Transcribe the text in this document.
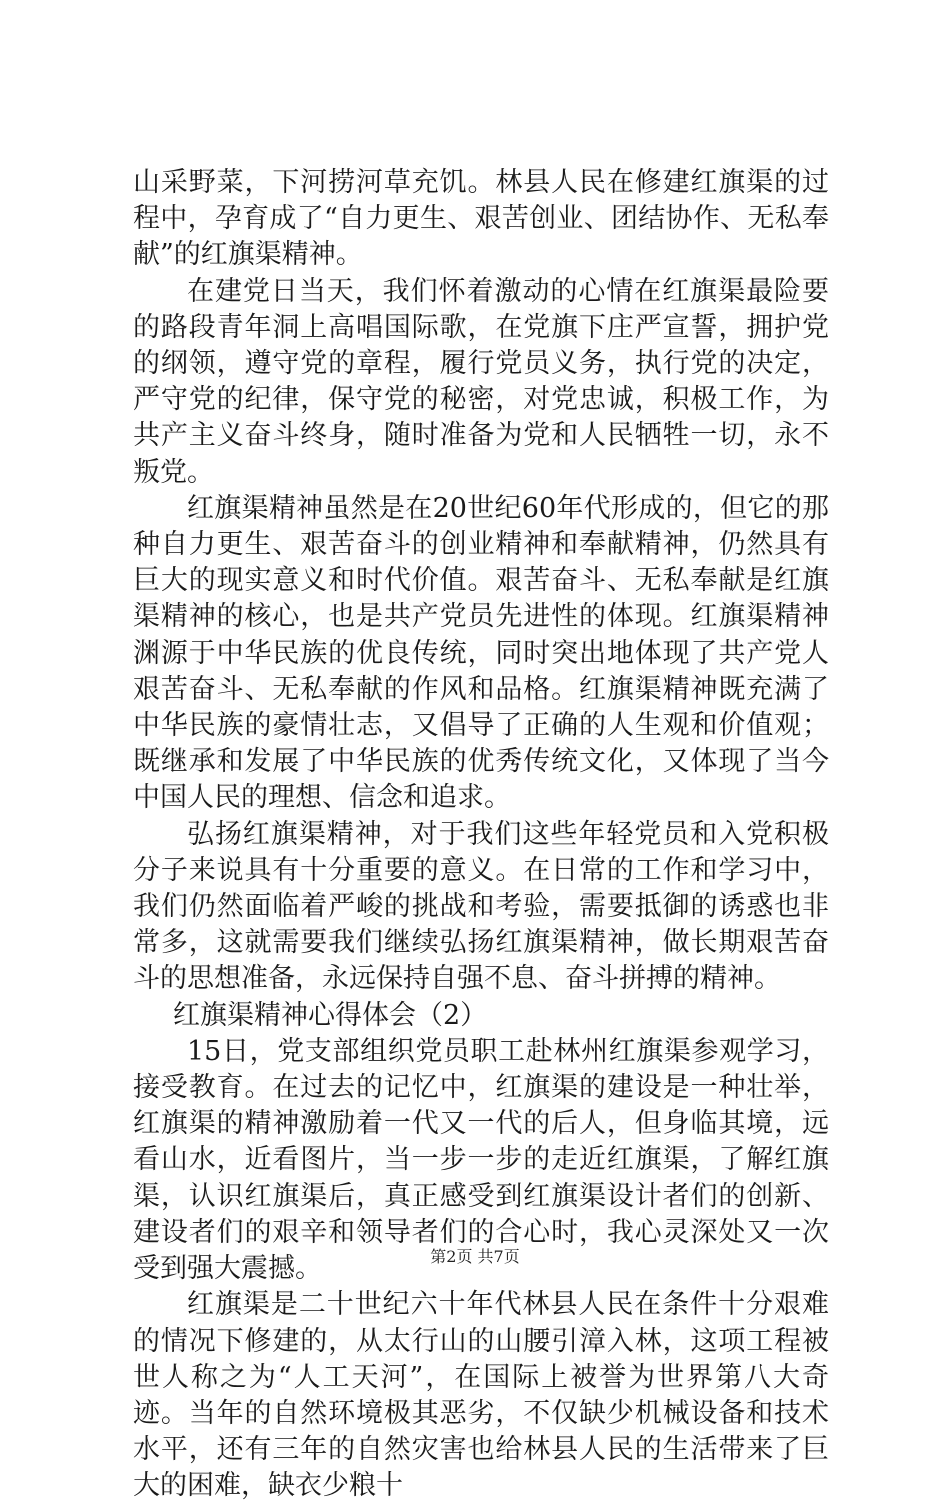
山采野菜，下河捞河草充饥。林县人民在修建红旗渠的过程中，孕育成了“自力更生、艰苦创业、团结协作、无私奉献”的红旗渠精神。

在建党日当天，我们怀着激动的心情在红旗渠最险要的路段青年洞上高唱国际歌，在党旗下庄严宣誓，拥护党的纲领，遵守党的章程，履行党员义务，执行党的决定，严守党的纪律，保守党的秘密，对党忠诚，积极工作，为共产主义奋斗终身，随时准备为党和人民牺牲一切，永不叛党。

红旗渠精神虽然是在20世纪60年代形成的，但它的那种自力更生、艰苦奋斗的创业精神和奉献精神，仍然具有巨大的现实意义和时代价值。艰苦奋斗、无私奉献是红旗渠精神的核心，也是共产党员先进性的体现。红旗渠精神渊源于中华民族的优良传统，同时突出地体现了共产党人艰苦奋斗、无私奉献的作风和品格。红旗渠精神既充满了中华民族的豪情壮志，又倡导了正确的人生观和价值观；既继承和发展了中华民族的优秀传统文化，又体现了当今中国人民的理想、信念和追求。

弘扬红旗渠精神，对于我们这些年轻党员和入党积极分子来说具有十分重要的意义。在日常的工作和学习中，我们仍然面临着严峻的挑战和考验，需要抵御的诱惑也非常多，这就需要我们继续弘扬红旗渠精神，做长期艰苦奋斗的思想准备，永远保持自强不息、奋斗拼搏的精神。

红旗渠精神心得体会（2）

15日，党支部组织党员职工赴林州红旗渠参观学习，接受教育。在过去的记忆中，红旗渠的建设是一种壮举，红旗渠的精神激励着一代又一代的后人，但身临其境，远看山水，近看图片，当一步一步的走近红旗渠，了解红旗渠，认识红旗渠后，真正感受到红旗渠设计者们的创新、建设者们的艰辛和领导者们的合心时，我心灵深处又一次受到强大震撼。

红旗渠是二十世纪六十年代林县人民在条件十分艰难的情况下修建的，从太行山的山腰引漳入林，这项工程被世人称之为“人工天河”，在国际上被誉为世界第八大奇迹。当年的自然环境极其恶劣，不仅缺少机械设备和技术水平，还有三年的自然灾害也给林县人民的生活带来了巨大的困难，缺衣少粮十

第2页 共7页
